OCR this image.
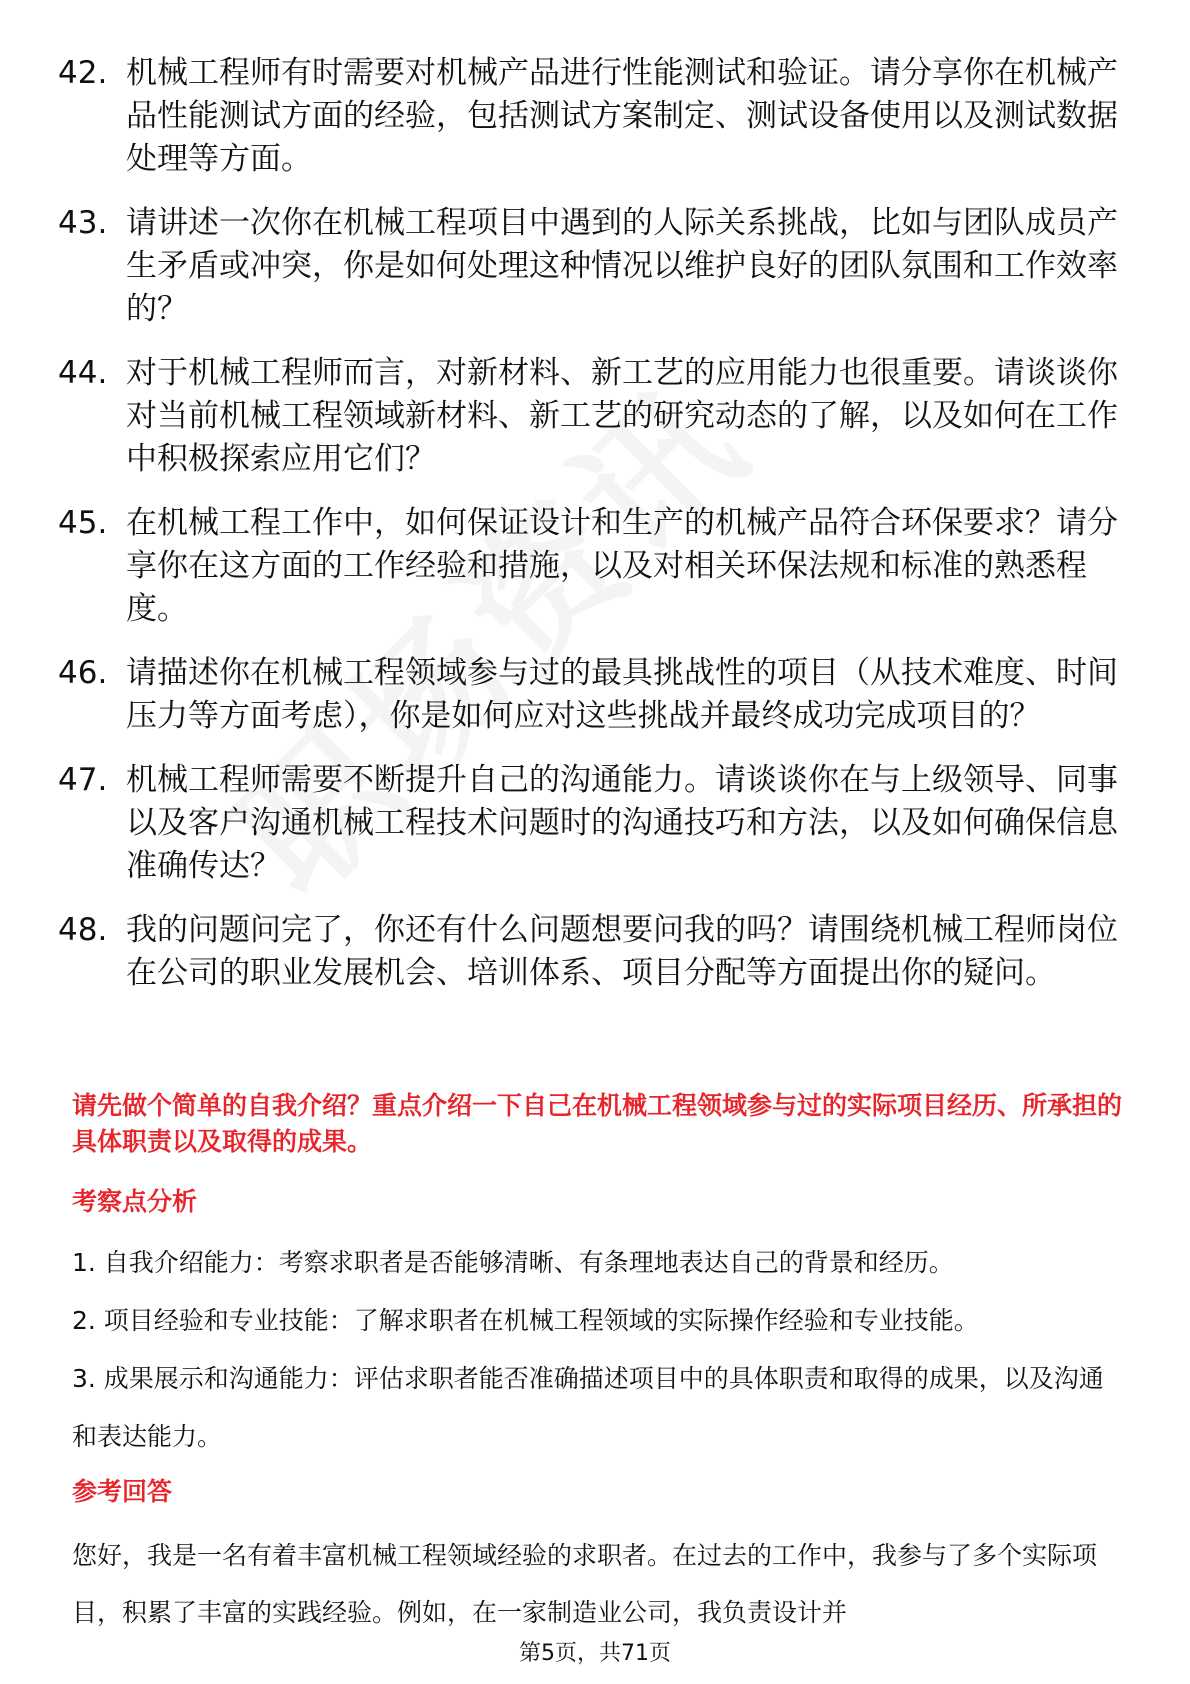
42. 机械工程师有时需要对机械产品进行性能测试和验证。请分享你在机械产品性能测试方面的经验，包括测试方案制定、测试设备使用以及测试数据处理等方面。
43. 请讲述一次你在机械工程项目中遇到的人际关系挑战，比如与团队成员产生矛盾或冲突，你是如何处理这种情况以维护良好的团队氛围和工作效率的？
44. 对于机械工程师而言，对新材料、新工艺的应用能力也很重要。请谈谈你对当前机械工程领域新材料、新工艺的研究动态的了解，以及如何在工作中积极探索应用它们？
45. 在机械工程工作中，如何保证设计和生产的机械产品符合环保要求？请分享你在这方面的工作经验和措施，以及对相关环保法规和标准的熟悉程度。
46. 请描述你在机械工程领域参与过的最具挑战性的项目（从技术难度、时间压力等方面考虑），你是如何应对这些挑战并最终成功完成项目的？
47. 机械工程师需要不断提升自己的沟通能力。请谈谈你在与上级领导、同事以及客户沟通机械工程技术问题时的沟通技巧和方法，以及如何确保信息准确传达？
48. 我的问题问完了，你还有什么问题想要问我的吗？请围绕机械工程师岗位在公司的职业发展机会、培训体系、项目分配等方面提出你的疑问。
请先做个简单的自我介绍？重点介绍一下自己在机械工程领域参与过的实际项目经历、所承担的具体职责以及取得的成果。
考察点分析
1. 自我介绍能力：考察求职者是否能够清晰、有条理地表达自己的背景和经历。
2. 项目经验和专业技能：了解求职者在机械工程领域的实际操作经验和专业技能。
3. 成果展示和沟通能力：评估求职者能否准确描述项目中的具体职责和取得的成果，以及沟通和表达能力。
参考回答
您好，我是一名有着丰富机械工程领域经验的求职者。在过去的工作中，我参与了多个实际项目，积累了丰富的实践经验。例如，在一家制造业公司，我负责设计并
第5页，共71页
